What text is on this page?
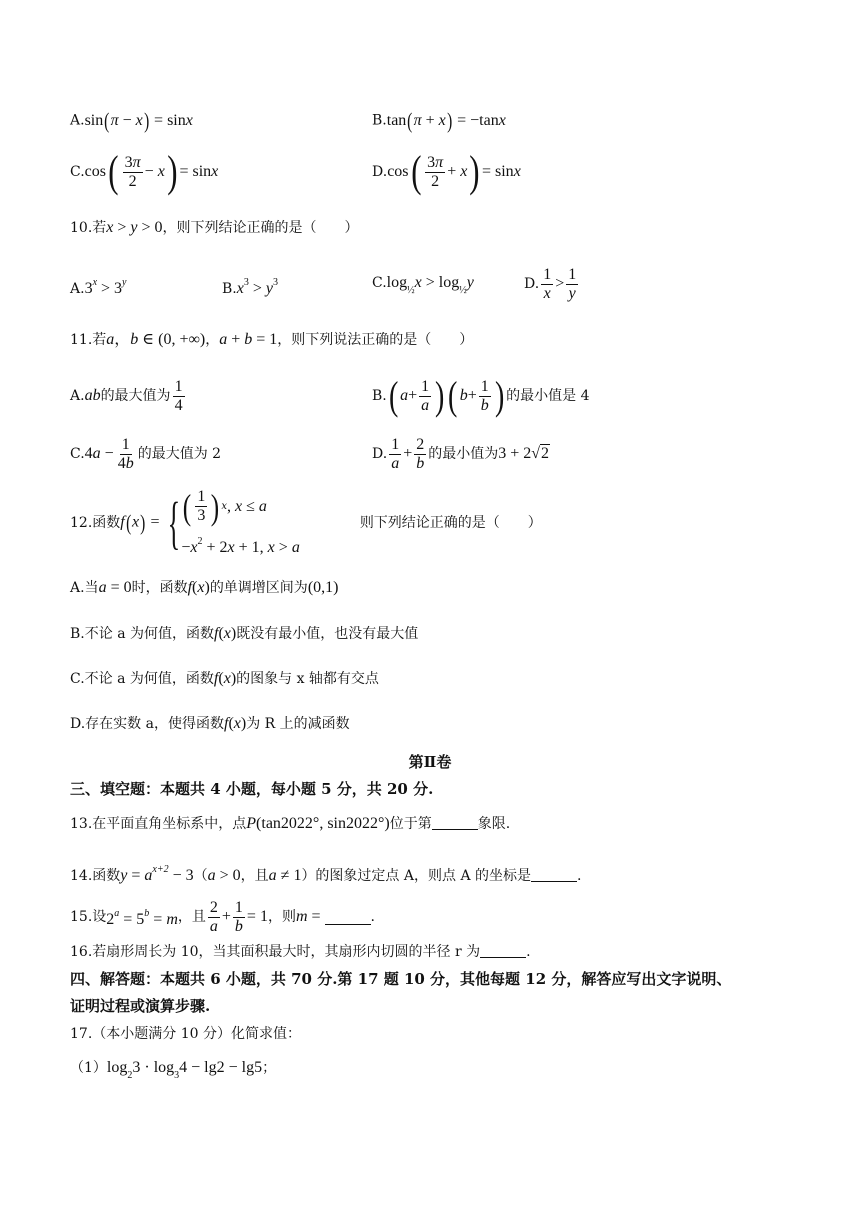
A.sin(π − x) = sinx	B.tan(π + x) = −tanx
C. cos ( $\frac{3\pi}{2} - x$ ) = sinx	D. cos ( $\frac{3\pi}{2} + x$ ) = sinx
10.若x > y > 0，则下列结论正确的是（　　）
$A.3^x > 3^y$	$B.x^3 > y^3$	$C.\log_{\frac{1}{2}}x > \log_{\frac{1}{2}}y$	D. $\frac{1}{x} > \frac{1}{y}$
11.若a，b ∈ (0, +∞)，a + b = 1，则下列说法正确的是（　　）
A. ab 的最大值为 $\frac{1}{4}$	B. ( $a + \frac{1}{a}$ ) ( $b + \frac{1}{b}$ ) 的最小值是 4
C. $4a - \frac{1}{4b}$ 的最大值为 2	D. $\frac{1}{a} + \frac{2}{b}$ 的最小值为 3 + 2√2
12.函数 f(x) = { ( $\frac{1}{3}$ ) x , x ≤ a
$-x^2 + 2x + 1$, x > a
则下列结论正确的是（　　）
A.当a = 0时，函数f(x)的单调增区间为(0,1)
B.不论 a 为何值，函数f(x)既没有最小值，也没有最大值
C.不论 a 为何值，函数f(x)的图象与 x 轴都有交点
D.存在实数 a，使得函数f(x)为 R 上的减函数
第Ⅱ卷
三、填空题：本题共 4 小题，每小题 5 分，共 20 分.
13.在平面直角坐标系中，点P(tan2022°, sin2022°)位于第	象限.
14.函数$y = a^{x+2} - 3(a > 0$，且a ≠ 1）的图象过定点 A，则点 A 的坐标是	.
15.设 $2^a = 5^b = m$ ，且 $\frac{2}{a} + \frac{1}{b} = 1$ ，则 m =	.
16.若扇形周长为 10，当其面积最大时，其扇形内切圆的半径 r 为	.
四、解答题：本题共 6 小题，共 70 分.第 17 题 10 分，其他每题 12 分，解答应写出文字说明、
证明过程或演算步骤.
17.（本小题满分 10 分）化简求值：
$(1)\log_23 \cdot \log_34 - \lg 2 - \lg 5$；
